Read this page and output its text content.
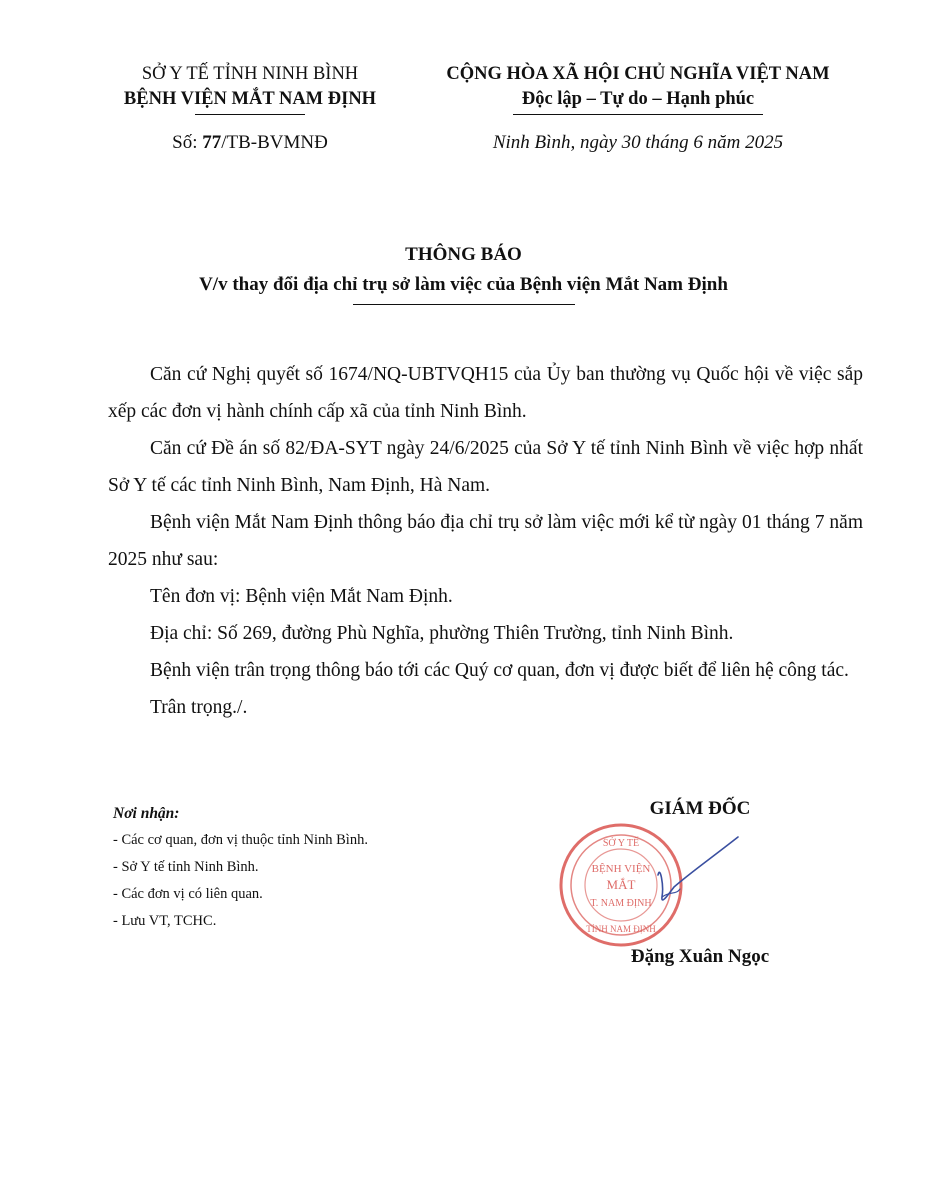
SỞ Y TẾ TỈNH NINH BÌNH
BỆNH VIỆN MẮT NAM ĐỊNH
CỘNG HÒA XÃ HỘI CHỦ NGHĨA VIỆT NAM
Độc lập – Tự do – Hạnh phúc
Số: 77/TB-BVMNĐ	Ninh Bình, ngày 30 tháng 6 năm 2025
THÔNG BÁO
V/v thay đổi địa chỉ trụ sở làm việc của Bệnh viện Mắt Nam Định

Căn cứ Nghị quyết số 1674/NQ-UBTVQH15 của Ủy ban thường vụ Quốc hội về việc sắp xếp các đơn vị hành chính cấp xã của tỉnh Ninh Bình.

Căn cứ Đề án số 82/ĐA-SYT ngày 24/6/2025 của Sở Y tế tỉnh Ninh Bình về việc hợp nhất Sở Y tế các tỉnh Ninh Bình, Nam Định, Hà Nam.

Bệnh viện Mắt Nam Định thông báo địa chỉ trụ sở làm việc mới kể từ ngày 01 tháng 7 năm 2025 như sau:

Tên đơn vị: Bệnh viện Mắt Nam Định.

Địa chỉ: Số 269, đường Phù Nghĩa, phường Thiên Trường, tỉnh Ninh Bình.

Bệnh viện trân trọng thông báo tới các Quý cơ quan, đơn vị được biết để liên hệ công tác.

Trân trọng./.

Nơi nhận:
- Các cơ quan, đơn vị thuộc tỉnh Ninh Bình.
- Sở Y tế tỉnh Ninh Bình.
- Các đơn vị có liên quan.
- Lưu VT, TCHC.
GIÁM ĐỐC
SỞ Y TẾ
BỆNH VIỆN
MẮT
T. NAM ĐỊNH
TỈNH NAM ĐỊNH
Đặng Xuân Ngọc
